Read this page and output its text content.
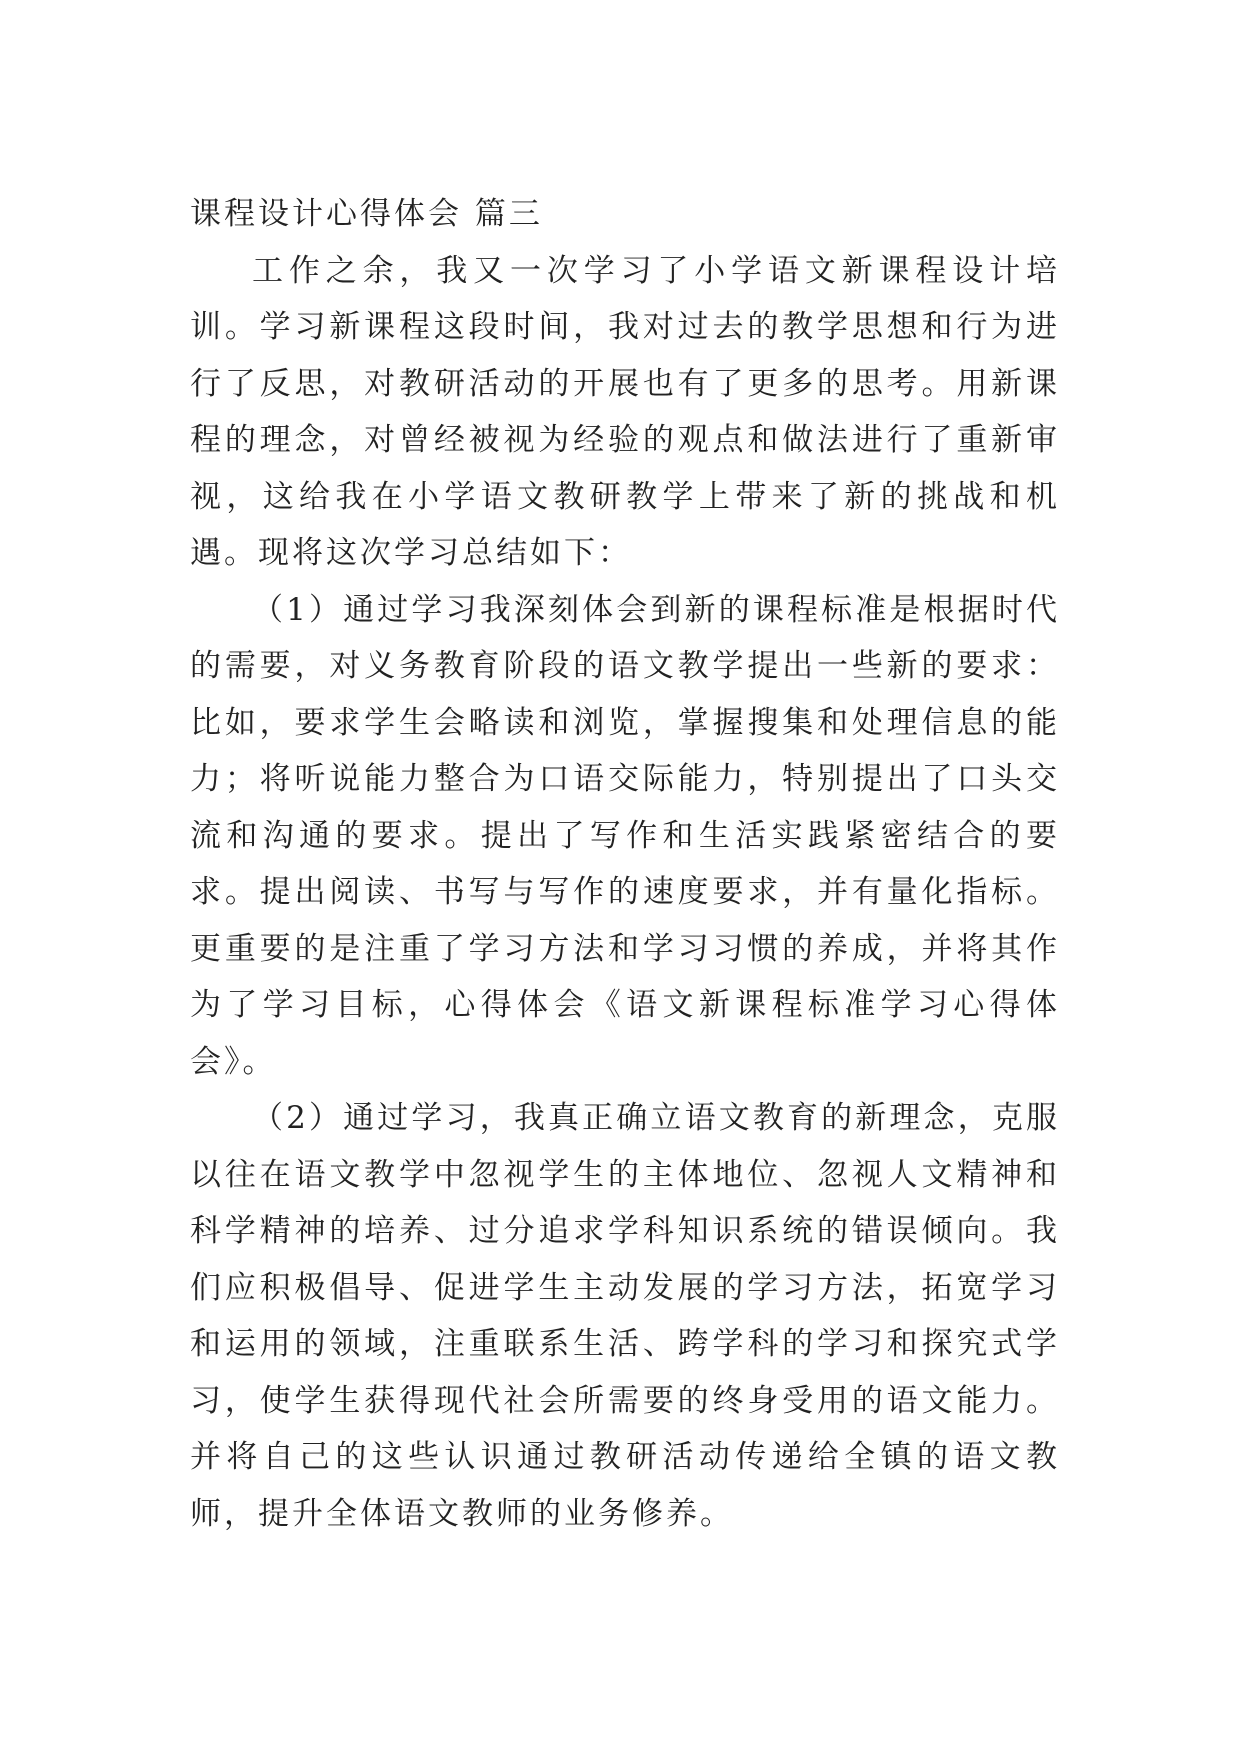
课程设计心得体会 篇三

工作之余，我又一次学习了小学语文新课程设计培训。学习新课程这段时间，我对过去的教学思想和行为进行了反思，对教研活动的开展也有了更多的思考。用新课程的理念，对曾经被视为经验的观点和做法进行了重新审视，这给我在小学语文教研教学上带来了新的挑战和机遇。现将这次学习总结如下：

（1）通过学习我深刻体会到新的课程标准是根据时代的需要，对义务教育阶段的语文教学提出一些新的要求：比如，要求学生会略读和浏览，掌握搜集和处理信息的能力；将听说能力整合为口语交际能力，特别提出了口头交流和沟通的要求。提出了写作和生活实践紧密结合的要求。提出阅读、书写与写作的速度要求，并有量化指标。更重要的是注重了学习方法和学习习惯的养成，并将其作为了学习目标，心得体会《语文新课程标准学习心得体会》。

（2）通过学习，我真正确立语文教育的新理念，克服以往在语文教学中忽视学生的主体地位、忽视人文精神和科学精神的培养、过分追求学科知识系统的错误倾向。我们应积极倡导、促进学生主动发展的学习方法，拓宽学习和运用的领域，注重联系生活、跨学科的学习和探究式学习，使学生获得现代社会所需要的终身受用的语文能力。并将自己的这些认识通过教研活动传递给全镇的语文教师，提升全体语文教师的业务修养。
